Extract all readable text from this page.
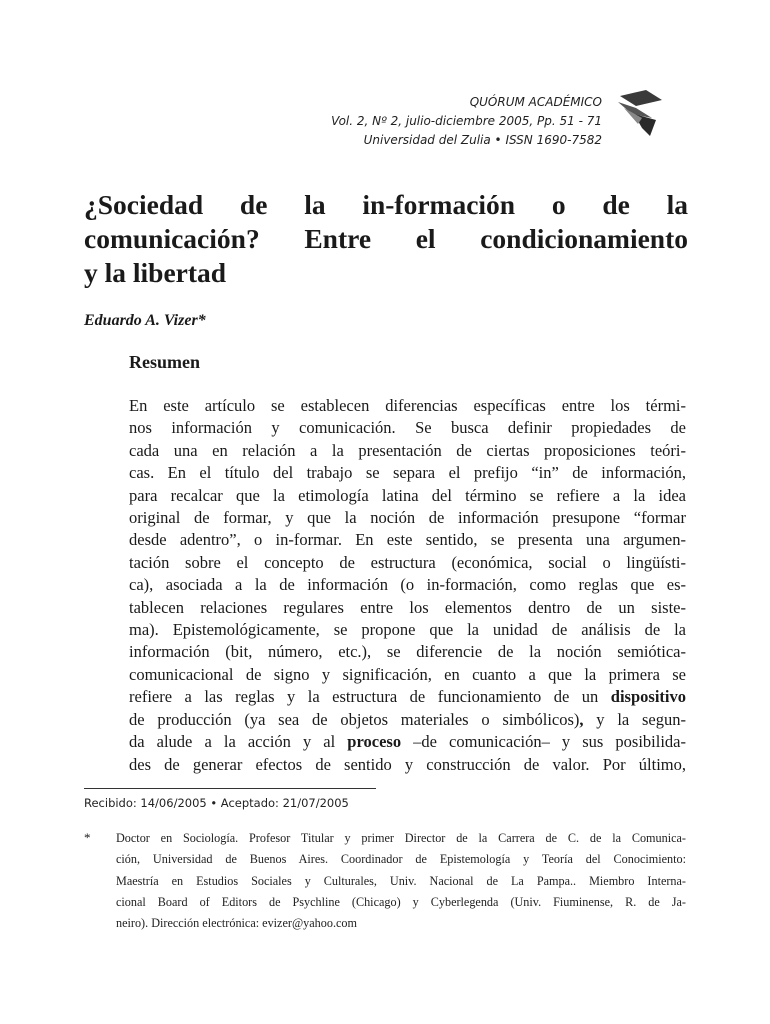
QUÓRUM ACADÉMICO
Vol. 2, Nº 2, julio-diciembre 2005, Pp. 51 - 71
Universidad del Zulia • ISSN 1690-7582
¿Sociedad de la in-formación o de la
comunicación? Entre el condicionamiento
y la libertad
Eduardo A. Vizer*
Resumen
En este artículo se establecen diferencias específicas entre los térmi-
nos información y comunicación. Se busca definir propiedades de
cada una en relación a la presentación de ciertas proposiciones teóri-
cas. En el título del trabajo se separa el prefijo “in” de información,
para recalcar que la etimología latina del término se refiere a la idea
original de formar, y que la noción de información presupone “formar
desde adentro”, o in-formar. En este sentido, se presenta una argumen-
tación sobre el concepto de estructura (económica, social o lingüísti-
ca), asociada a la de información (o in-formación, como reglas que es-
tablecen relaciones regulares entre los elementos dentro de un siste-
ma). Epistemológicamente, se propone que la unidad de análisis de la
información (bit, número, etc.), se diferencie de la noción semiótica-
comunicacional de signo y significación, en cuanto a que la primera se
refiere a las reglas y la estructura de funcionamiento de un dispositivo
de producción (ya sea de objetos materiales o simbólicos), y la segun-
da alude a la acción y al proceso –de comunicación– y sus posibilida-
des de generar efectos de sentido y construcción de valor. Por último,
Recibido: 14/06/2005 • Aceptado: 21/07/2005
* Doctor en Sociología. Profesor Titular y primer Director de la Carrera de C. de la Comunica-
ción, Universidad de Buenos Aires. Coordinador de Epistemología y Teoría del Conocimiento:
Maestría en Estudios Sociales y Culturales, Univ. Nacional de La Pampa.. Miembro Interna-
cional Board of Editors de Psychline (Chicago) y Cyberlegenda (Univ. Fiuminense, R. de Ja-
neiro). Dirección electrónica: evizer@yahoo.com
